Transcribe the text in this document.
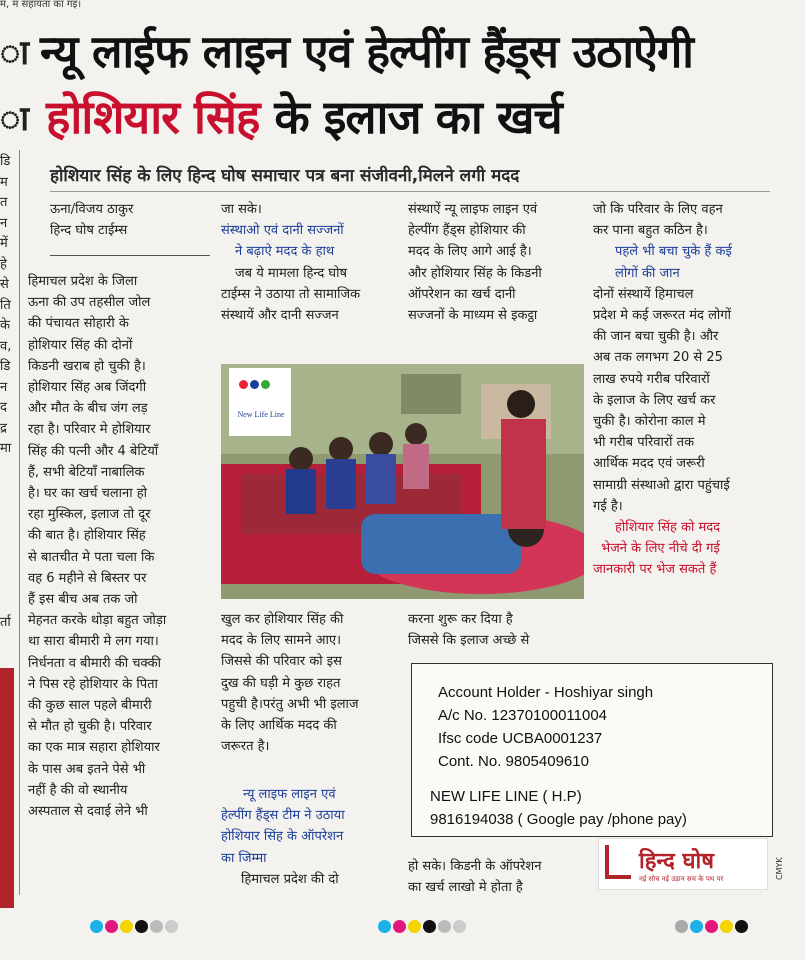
म, म सहायता का गइ।
ा
ा
डि
म
त
न
में
हे
से
ति
के
व,
डि
न
द
द्र
मा
र्ता
न्यू लाईफ लाइन एवं हेल्पींग हैंड्स उठाऐगी
होशियार सिंह के इलाज का खर्च
होशियार सिंह के लिए हिन्द घोष समाचार पत्र बना संजीवनी,मिलने लगी मदद
ऊना/विजय ठाकुर
हिन्द घोष टाईम्स
हिमाचल प्रदेश के जिला
ऊना की उप तहसील जोल
की पंचायत सोहारी के
होशियार सिंह की दोनों
किडनी खराब हो चुकी है।
होशियार सिंह अब जिंदगी
और मौत के बीच जंग लड़
रहा है। परिवार मे होशियार
सिंह की पत्नी और 4 बेटियाँ
हैं, सभी बेटियाँ नाबालिक
है। घर का खर्च चलाना हो
रहा मुस्किल, इलाज तो दूर
की बात है। होशियार सिंह
से बातचीत मे पता चला कि
वह 6 महीने से बिस्तर पर
हैं इस बीच अब तक जो
मेहनत करके थोड़ा बहुत जोड़ा
था सारा बीमारी मे लग गया।
निर्धनता व बीमारी की चक्की
ने पिस रहे होशियार के पिता
की कुछ साल पहले बीमारी
से मौत हो चुकी है। परिवार
का एक मात्र सहारा होशियार
के पास अब इतने पेसे भी
नहीं है की वो स्थानीय
अस्पताल से दवाई लेने भी
जा सके।
संस्थाओ एवं दानी सज्जनों
ने बढ़ाऐ मदद के हाथ
जब ये मामला हिन्द घोष
टाईम्स ने उठाया तो सामाजिक
संस्थायें और दानी सज्जन
संस्थाऐं न्यू लाइफ लाइन एवं
हेल्पींग हैंड्स होशियार की
मदद के लिए आगे आई है।
और होशियार सिंह के किडनी
ऑपरेशन का खर्च दानी
सज्जनों के माध्यम से इकट्ठा
जो कि परिवार के लिए वहन
कर पाना बहुत कठिन है।
पहले भी बचा चुके हैं कई
लोगों की जान
दोनों संस्थायें हिमाचल
प्रदेश मे कई जरूरत मंद लोगों
की जान बचा चुकी है। और
अब तक लगभग 20 से 25
लाख रुपये गरीब परिवारों
के इलाज के लिए खर्च कर
चुकी है। कोरोना काल मे
भी गरीब परिवारों तक
आर्थिक मदद एवं जरूरी
सामाग्री संस्थाओ द्वारा पहुंचाई
गई है।
होशियार सिंह को मदद
भेजने के लिए नीचे दी गई
जानकारी पर भेज सकते हैं
New Life Line
खुल कर होशियार सिंह की
मदद के लिए सामने आए।
जिससे की परिवार को इस
दुख की घड़ी मे कुछ राहत
पहुची है।परंतु अभी भी इलाज
के लिए आर्थिक मदद की
जरूरत है।
न्यू लाइफ लाइन एवं
हेल्पींग हैंड्स टीम ने उठाया
होशियार सिंह के ऑपरेशन
का जिम्मा
हिमाचल प्रदेश की दो
करना शुरू कर दिया है
जिससे कि इलाज अच्छे से
हो सके। किडनी के ऑपरेशन
का खर्च लाखो मे होता है
Account Holder - Hoshiyar singh
A/c No. 12370100011004
Ifsc code UCBA0001237
Cont. No. 9805409610
NEW LIFE LINE ( H.P)
9816194038 ( Google pay /phone pay)
हिन्द घोष
नई सोच नई उड़ान सच के पथ पर	CMYK
